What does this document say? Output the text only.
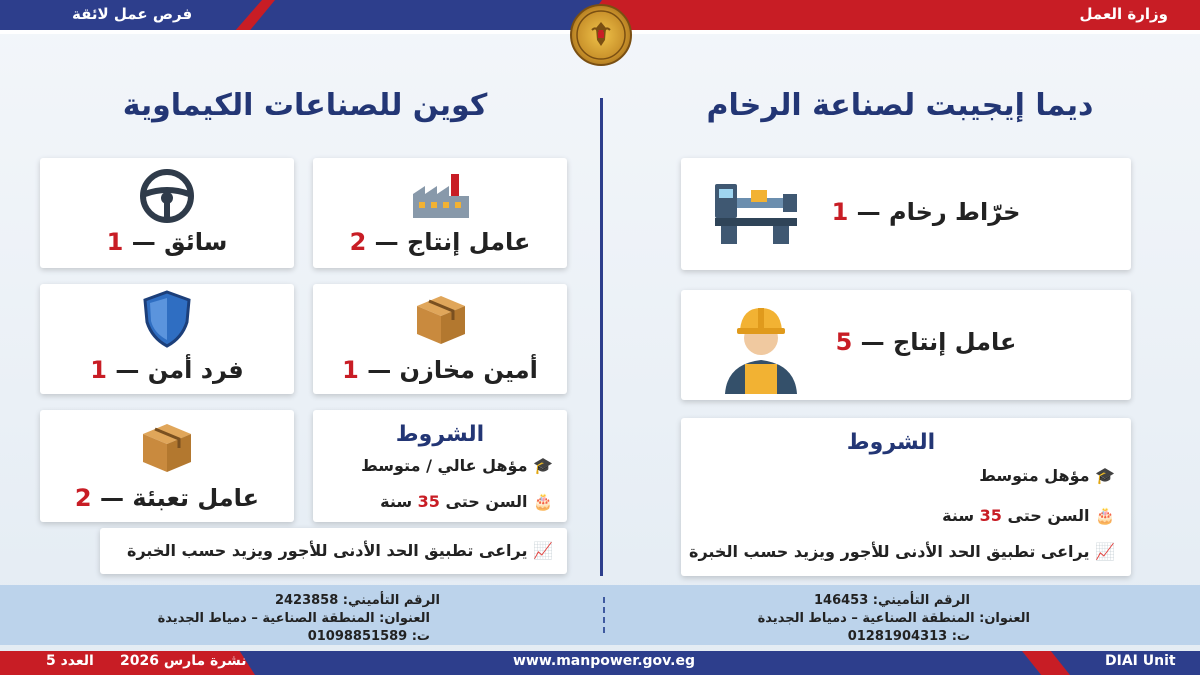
فرص عمل لائقة	وزارة العمل
ديما إيجيبت لصناعة الرخام
كوين للصناعات الكيماوية
خرّاط رخام — 1
عامل إنتاج — 5
الشروط
🎓 مؤهل متوسط
🎂 السن حتى 35 سنة
📈 يراعى تطبيق الحد الأدنى للأجور ويزيد حسب الخبرة
عامل إنتاج — 2
سائق — 1
أمين مخازن — 1
فرد أمن — 1
عامل تعبئة — 2
الشروط
🎓 مؤهل عالي / متوسط
🎂 السن حتى 35 سنة
📈 يراعى تطبيق الحد الأدنى للأجور ويزيد حسب الخبرة
الرقم التأميني: 146453
العنوان: المنطقة الصناعية – دمياط الجديدة
ت: 01281904313
الرقم التأميني: 2423858
العنوان: المنطقة الصناعية – دمياط الجديدة
ت: 01098851589
العدد 5 نشرة مارس 2026	www.manpower.gov.eg	DIAI Unit
